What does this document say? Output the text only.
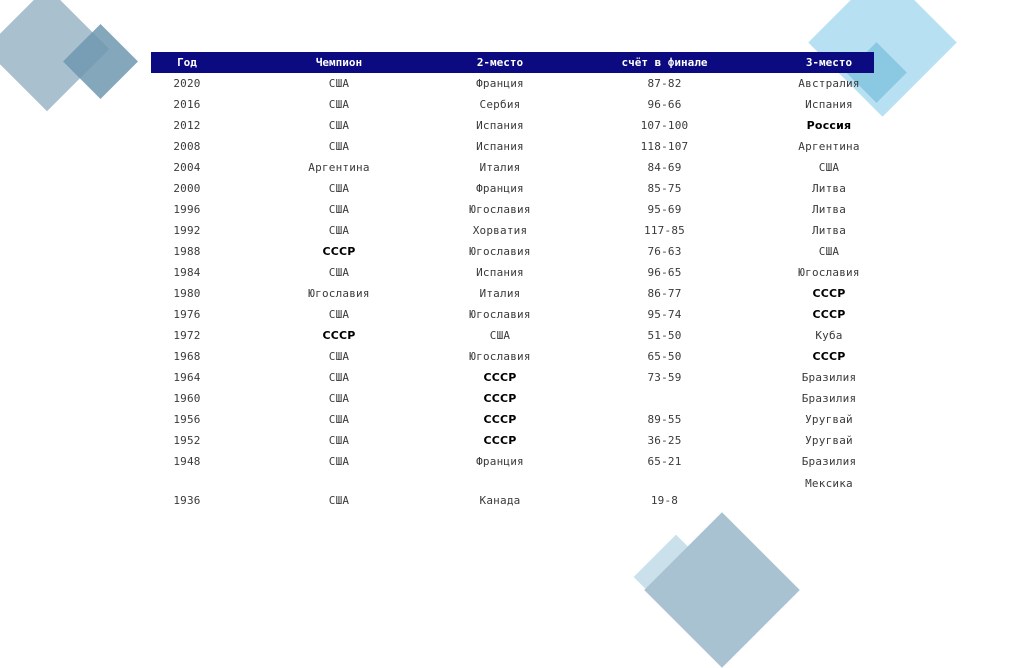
Год	Чемпион	2-место	счёт в финале	3-место
2020	США	Франция	87-82	Австралия
2016	США	Сербия	96-66	Испания
2012	США	Испания	107-100	Россия
2008	США	Испания	118-107	Аргентина
2004	Аргентина	Италия	84-69	США
2000	США	Франция	85-75	Литва
1996	США	Югославия	95-69	Литва
1992	США	Хорватия	117-85	Литва
1988	СССР	Югославия	76-63	США
1984	США	Испания	96-65	Югославия
1980	Югославия	Италия	86-77	СССР
1976	США	Югославия	95-74	СССР
1972	СССР	США	51-50	Куба
1968	США	Югославия	65-50	СССР
1964	США	СССР	73-59	Бразилия
1960	США	СССР		Бразилия
1956	США	СССР	89-55	Уругвай
1952	США	СССР	36-25	Уругвай
1948	США	Франция	65-21	Бразилия
				Мексика
1936	США	Канада	19-8	
